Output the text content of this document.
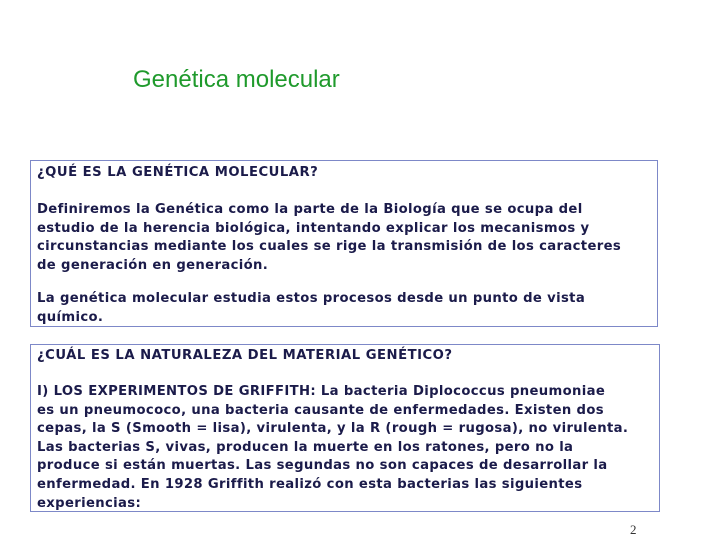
Genética molecular
¿QUÉ ES LA GENÉTICA MOLECULAR?
Definiremos la Genética como la parte de la Biología que se ocupa del
estudio de la herencia biológica, intentando explicar los mecanismos y
circunstancias mediante los cuales se rige la transmisión de los caracteres
de generación en generación.
La genética molecular estudia estos procesos desde un punto de vista
químico.
¿CUÁL ES LA NATURALEZA DEL MATERIAL GENÉTICO?
I) LOS EXPERIMENTOS DE GRIFFITH: La bacteria Diplococcus pneumoniae
es un pneumococo, una bacteria causante de enfermedades. Existen dos
cepas, la S (Smooth = lisa), virulenta, y la R (rough = rugosa), no virulenta.
Las bacterias S, vivas, producen la muerte en los ratones, pero no la
produce si están muertas. Las segundas no son capaces de desarrollar la
enfermedad. En 1928 Griffith realizó con esta bacterias las siguientes
experiencias:
2
